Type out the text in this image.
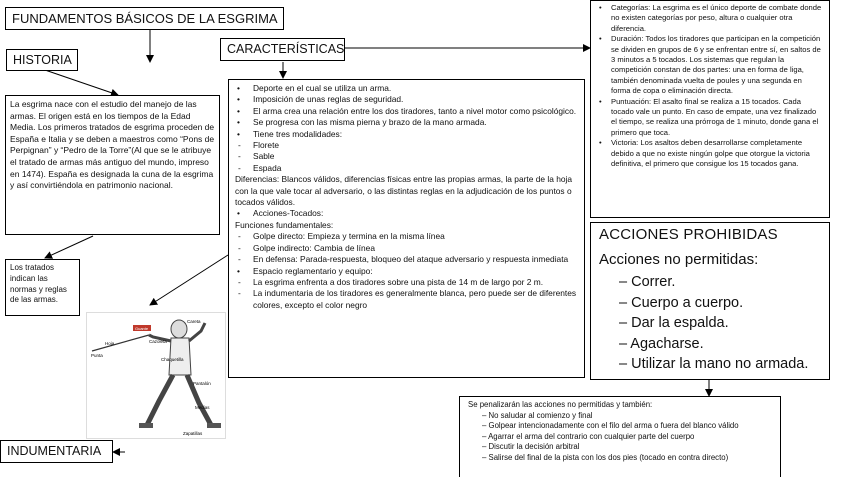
FUNDAMENTOS BÁSICOS DE LA ESGRIMA
HISTORIA
La esgrima nace con el estudio del manejo de las armas. El origen está en los tiempos de la Edad Media. Los primeros tratados de esgrima proceden de España e Italia y se deben a maestros como “Pons de Perpignan” y “Pedro de la Torre”(Al que se le atribuye el tratado de armas más antiguo del mundo, impreso en 1474). España es designada la cuna de la esgrima y así convirtiéndola en patrimonio nacional.
Los tratados indican las normas y reglas de las armas.
CARACTERÍSTICAS
• Deporte en el cual se utiliza un arma.
• Imposición de unas reglas de seguridad.
• El arma crea una relación entre los dos tiradores, tanto a nivel motor como psicológico.
• Se progresa con las misma pierna y brazo de la mano armada.
• Tiene tres modalidades:
- Florete
- Sable
- Espada
Diferencias: Blancos válidos, diferencias físicas entre las propias armas, la parte de la hoja con la que vale tocar al adversario, o las distintas reglas en la adjudicación de los puntos o tocados válidos.
• Acciones-Tocados:
Funciones fundamentales:
- Golpe directo: Empieza y termina en la misma línea
- Golpe indirecto: Cambia de línea
- En defensa: Parada-respuesta, bloqueo del ataque adversario y respuesta inmediata
• Espacio reglamentario y equipo:
- La esgrima enfrenta a dos tiradores sobre una pista de 14 m de largo por 2 m.
- La indumentaria de los tiradores es generalmente blanca, pero puede ser de diferentes colores, excepto el color negro
• Categorías: La esgrima es el único deporte de combate donde no existen categorías por peso, altura o cualquier otra diferencia.
• Duración: Todos los tiradores que participan en la competición se dividen en grupos de 6 y se enfrentan entre sí, en saltos de 3 minutos a 5 tocados. Los sistemas que regulan la competición constan de dos partes: una en forma de liga, también denominada vuelta de poules y una segunda en forma de copa o eliminación directa.
• Puntuación: El asalto final se realiza a 15 tocados. Cada tocado vale un punto. En caso de empate, una vez finalizado el tiempo, se realiza una prórroga de 1 minuto, donde gana el primero que toca.
• Victoria: Los asaltos deben desarrollarse completamente debido a que no existe ningún golpe que otorgue la victoria definitiva, el primero que consigue los 15 tocados gana.
ACCIONES PROHIBIDAS
Acciones no permitidas:
– Correr.
– Cuerpo a cuerpo.
– Dar la espalda.
– Agacharse.
– Utilizar la mano no armada.
Se penalizarán las acciones no permitidas y también:
– No saludar al comienzo y final
– Golpear intencionadamente con el filo del arma o fuera del blanco válido
– Agarrar el arma del contrario con cualquier parte del cuerpo
– Discutir la decisión arbitral
– Salirse del final de la pista con los dos pies (tocado en contra directo)
INDUMENTARIA
Hoja	Cazoleta
Careta
Guante
Punta
Chaquetilla
Pantalón
Medias
Zapatillas
